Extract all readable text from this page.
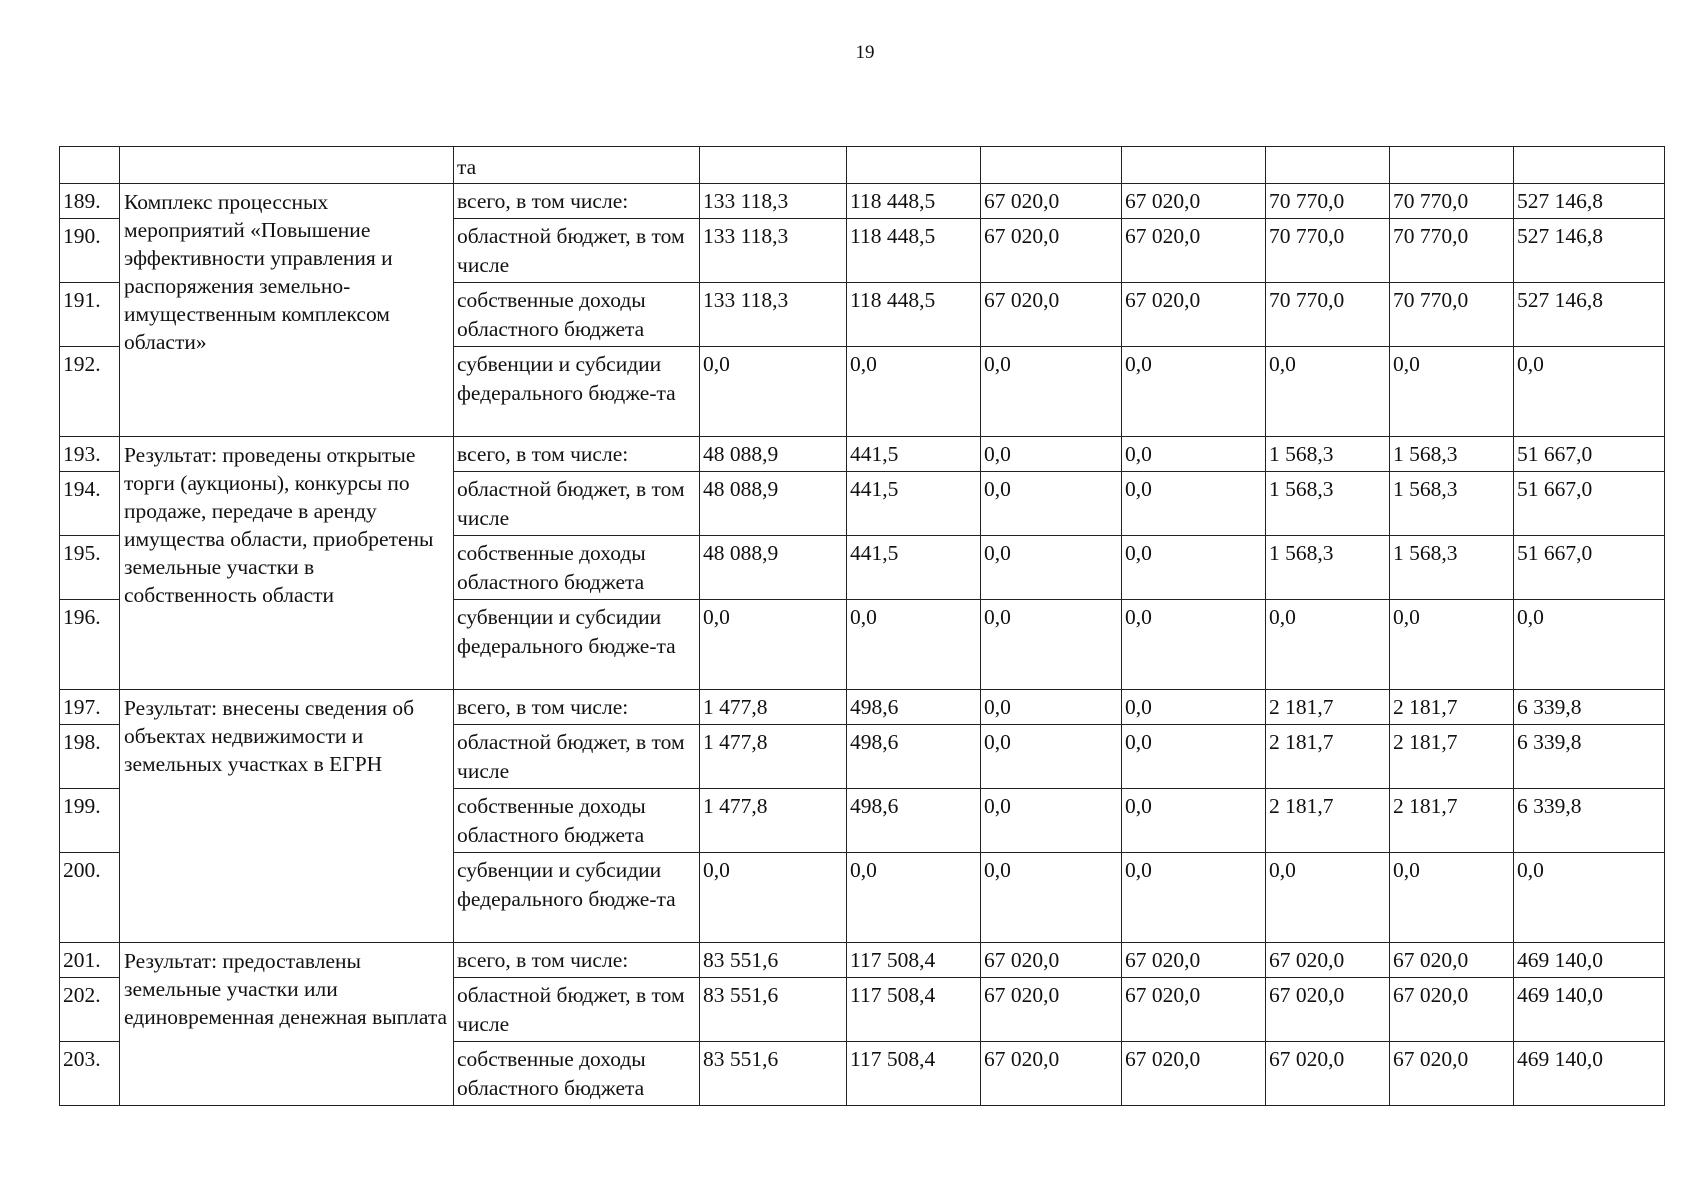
19
		та							
189.	Комплекс процессных мероприятий «Повышение эффективности управления и распоряжения земельно-имущественным комплексом области»	всего, в том числе:	133 118,3	118 448,5	67 020,0	67 020,0	70 770,0	70 770,0	527 146,8
190.		областной бюджет, в том числе	133 118,3	118 448,5	67 020,0	67 020,0	70 770,0	70 770,0	527 146,8
191.		собственные доходы областного бюджета	133 118,3	118 448,5	67 020,0	67 020,0	70 770,0	70 770,0	527 146,8
192.		субвенции и субсидии федерального бюдже-та	0,0	0,0	0,0	0,0	0,0	0,0	0,0
193.	Результат: проведены открытые торги (аукционы), конкурсы по продаже, передаче в аренду имущества области, приобретены земельные участки в собственность области	всего, в том числе:	48 088,9	441,5	0,0	0,0	1 568,3	1 568,3	51 667,0
194.		областной бюджет, в том числе	48 088,9	441,5	0,0	0,0	1 568,3	1 568,3	51 667,0
195.		собственные доходы областного бюджета	48 088,9	441,5	0,0	0,0	1 568,3	1 568,3	51 667,0
196.		субвенции и субсидии федерального бюдже-та	0,0	0,0	0,0	0,0	0,0	0,0	0,0
197.	Результат: внесены сведения об объектах недвижимости и земельных участках в ЕГРН	всего, в том числе:	1 477,8	498,6	0,0	0,0	2 181,7	2 181,7	6 339,8
198.		областной бюджет, в том числе	1 477,8	498,6	0,0	0,0	2 181,7	2 181,7	6 339,8
199.		собственные доходы областного бюджета	1 477,8	498,6	0,0	0,0	2 181,7	2 181,7	6 339,8
200.		субвенции и субсидии федерального бюдже-та	0,0	0,0	0,0	0,0	0,0	0,0	0,0
201.	Результат: предоставлены земельные участки или единовременная денежная выплата	всего, в том числе:	83 551,6	117 508,4	67 020,0	67 020,0	67 020,0	67 020,0	469 140,0
202.		областной бюджет, в том числе	83 551,6	117 508,4	67 020,0	67 020,0	67 020,0	67 020,0	469 140,0
203.		собственные доходы областного бюджета	83 551,6	117 508,4	67 020,0	67 020,0	67 020,0	67 020,0	469 140,0
